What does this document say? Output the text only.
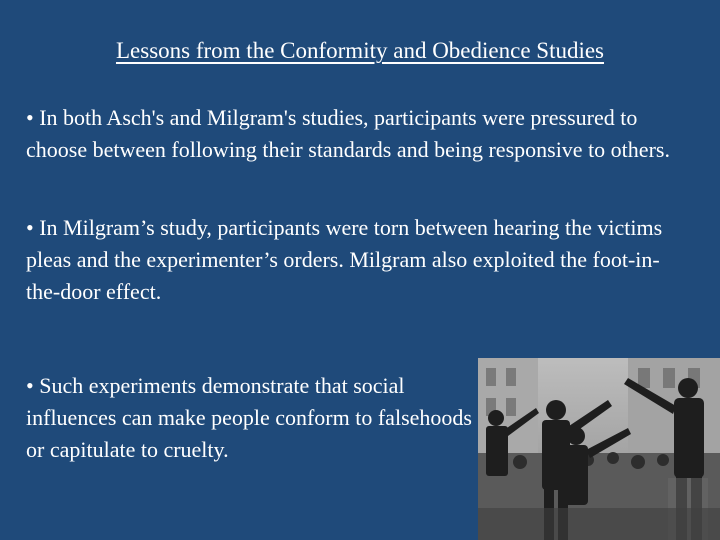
Lessons from the Conformity and Obedience Studies
• In both Asch's and Milgram's studies, participants were pressured to choose between following their standards and being responsive to others.
• In Milgram’s study, participants were torn between hearing the victims pleas and the experimenter’s orders. Milgram also exploited the foot-in-the-door effect.
• Such experiments demonstrate that social influences can make people conform to falsehoods or capitulate to cruelty.
